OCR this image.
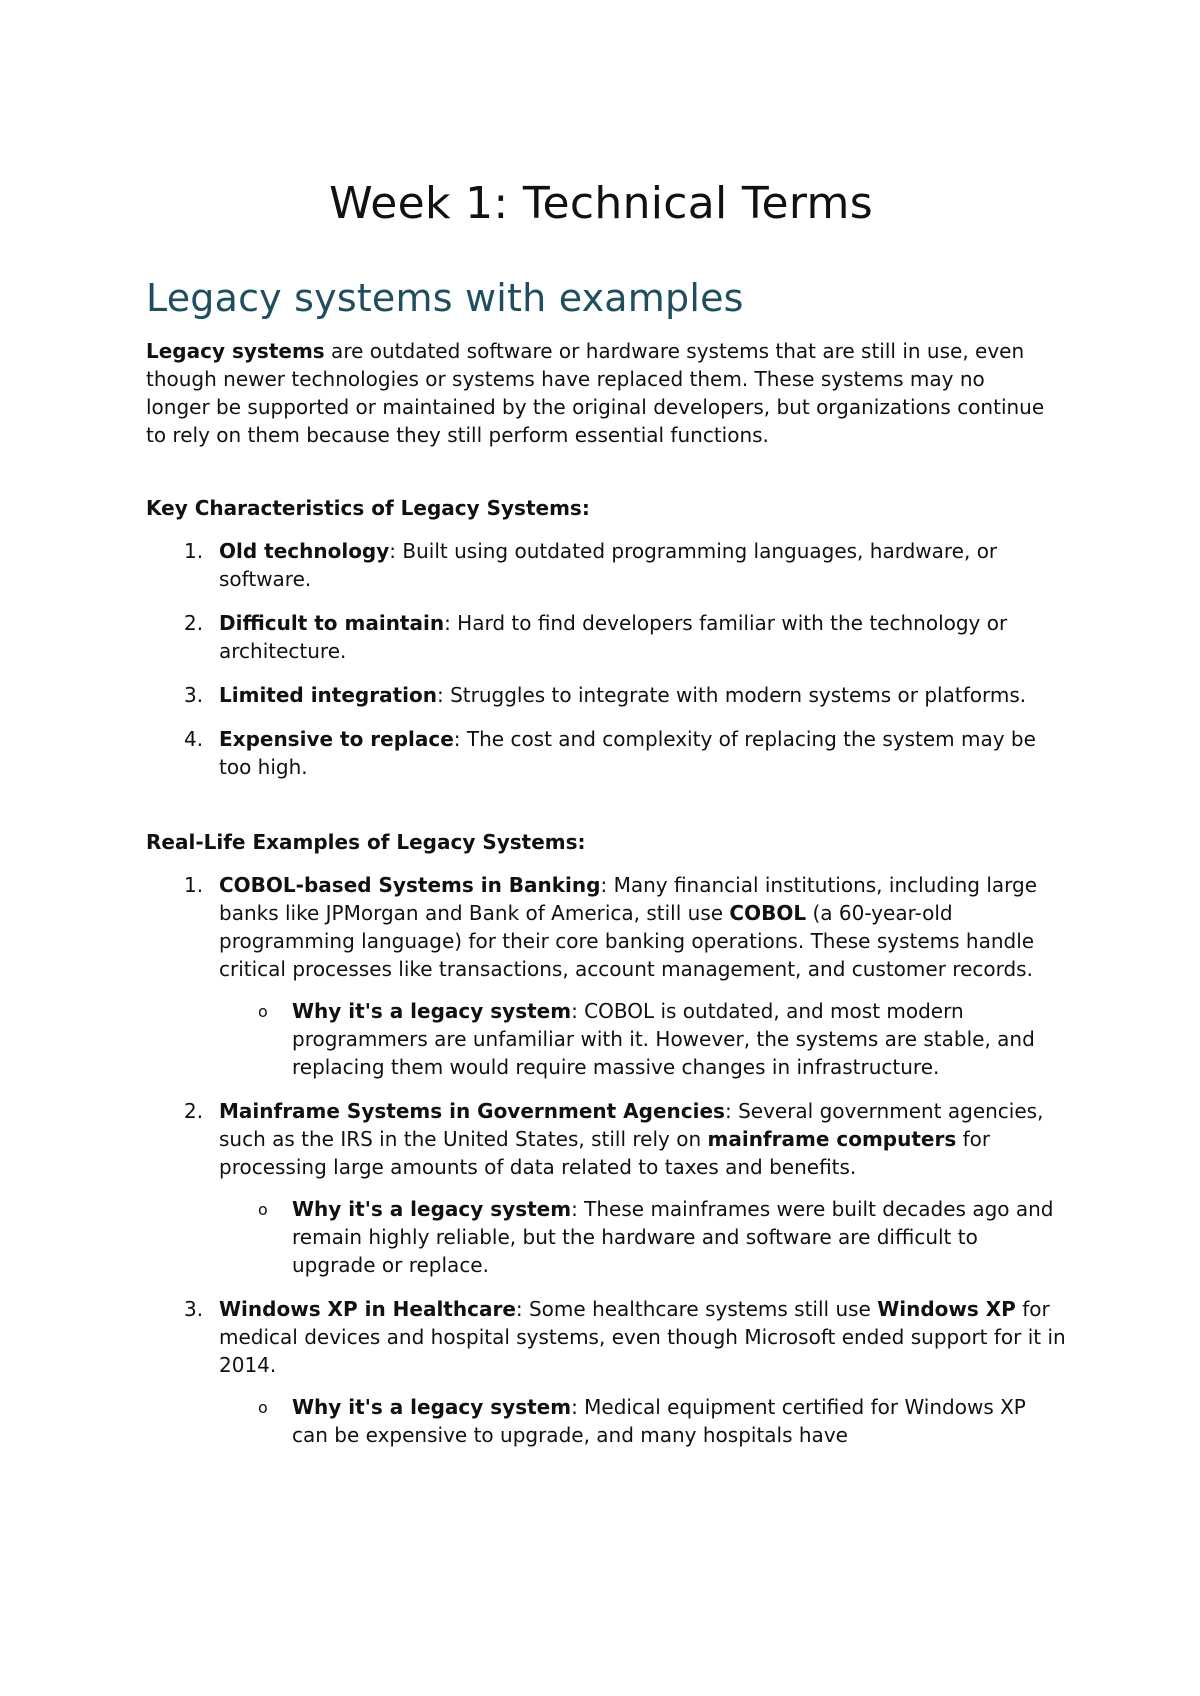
Week 1: Technical Terms
Legacy systems with examples

Legacy systems are outdated software or hardware systems that are still in use, even though newer technologies or systems have replaced them. These systems may no longer be supported or maintained by the original developers, but organizations continue to rely on them because they still perform essential functions.

Key Characteristics of Legacy Systems:

1. Old technology: Built using outdated programming languages, hardware, or software.
2. Difficult to maintain: Hard to find developers familiar with the technology or architecture.
3. Limited integration: Struggles to integrate with modern systems or platforms.
4. Expensive to replace: The cost and complexity of replacing the system may be too high.

Real-Life Examples of Legacy Systems:

1. COBOL-based Systems in Banking: Many financial institutions, including large banks like JPMorgan and Bank of America, still use COBOL (a 60-year-old programming language) for their core banking operations. These systems handle critical processes like transactions, account management, and customer records.
o Why it's a legacy system: COBOL is outdated, and most modern programmers are unfamiliar with it. However, the systems are stable, and replacing them would require massive changes in infrastructure.
2. Mainframe Systems in Government Agencies: Several government agencies, such as the IRS in the United States, still rely on mainframe computers for processing large amounts of data related to taxes and benefits.
o Why it's a legacy system: These mainframes were built decades ago and remain highly reliable, but the hardware and software are difficult to upgrade or replace.
3. Windows XP in Healthcare: Some healthcare systems still use Windows XP for medical devices and hospital systems, even though Microsoft ended support for it in 2014.
o Why it's a legacy system: Medical equipment certified for Windows XP can be expensive to upgrade, and many hospitals have
